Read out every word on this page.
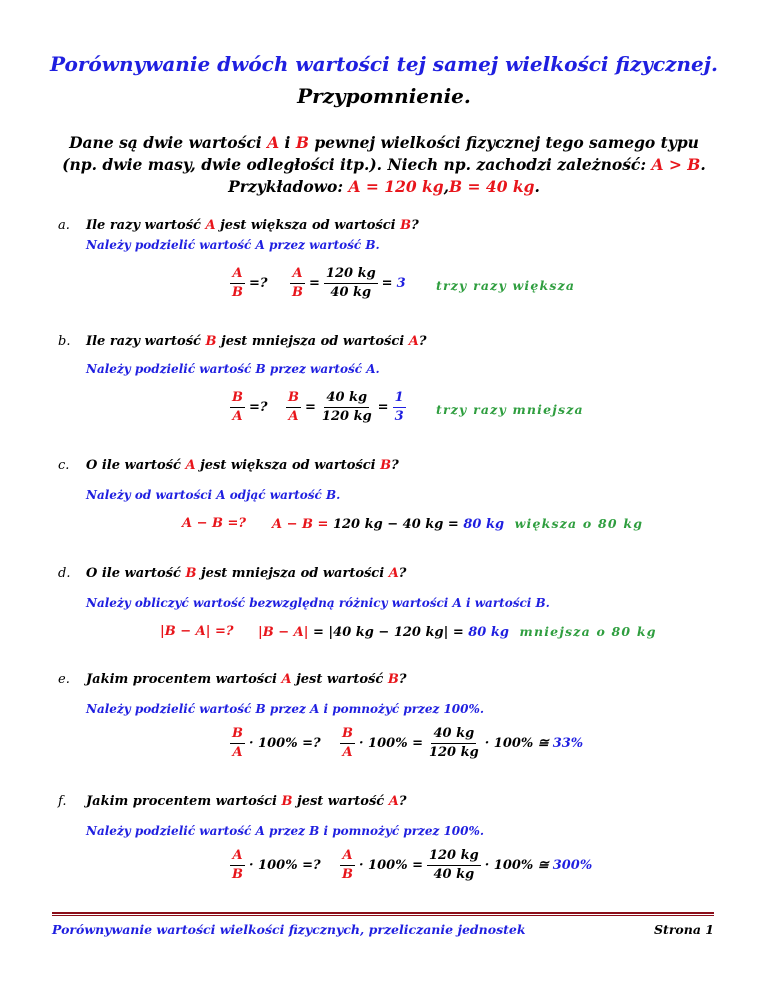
Porównywanie dwóch wartości tej samej wielkości fizycznej.
Przypomnienie.
Dane są dwie wartości A i B pewnej wielkości fizycznej tego samego typu
(np. dwie masy, dwie odległości itp.). Niech np. zachodzi zależność: A > B.
Przykładowo: A = 120 kg,B = 40 kg.
a. Ile razy wartość A jest większa od wartości B?
Należy podzielić wartość A przez wartość B.
$\frac{A}{B}$ =? $\frac{A}{B} = \frac{120 kg}{40 kg} = 3$ trzy razy większa
b. Ile razy wartość B jest mniejsza od wartości A?
Należy podzielić wartość B przez wartość A.
$\frac{B}{A}$ =? $\frac{B}{A} = \frac{40 kg}{120 kg} = \frac{1}{3}$ trzy razy mniejsza
c. O ile wartość A jest większa od wartości B?
Należy od wartości A odjąć wartość B.
A − B =? A − B = 120 kg − 40 kg = 80 kg większa o 80 kg
d. O ile wartość B jest mniejsza od wartości A?
Należy obliczyć wartość bezwzględną różnicy wartości A i wartości B.
|B − A| =? |B − A| = |40 kg − 120 kg| = 80 kg mniejsza o 80 kg
e. Jakim procentem wartości A jest wartość B?
Należy podzielić wartość B przez A i pomnożyć przez 100%.
$\frac{B}{A} \cdot 100\%$ =? $\frac{B}{A} \cdot 100\% = \frac{40 kg}{120 kg} \cdot 100\%$ ≅ 33%
f. Jakim procentem wartości B jest wartość A?
Należy podzielić wartość A przez B i pomnożyć przez 100%.
$\frac{A}{B} \cdot 100\%$ =? $\frac{A}{B} \cdot 100\% = \frac{120 kg}{40 kg} \cdot 100\%$ ≅ 300%
Porównywanie wartości wielkości fizycznych, przeliczanie jednostek	Strona 1
